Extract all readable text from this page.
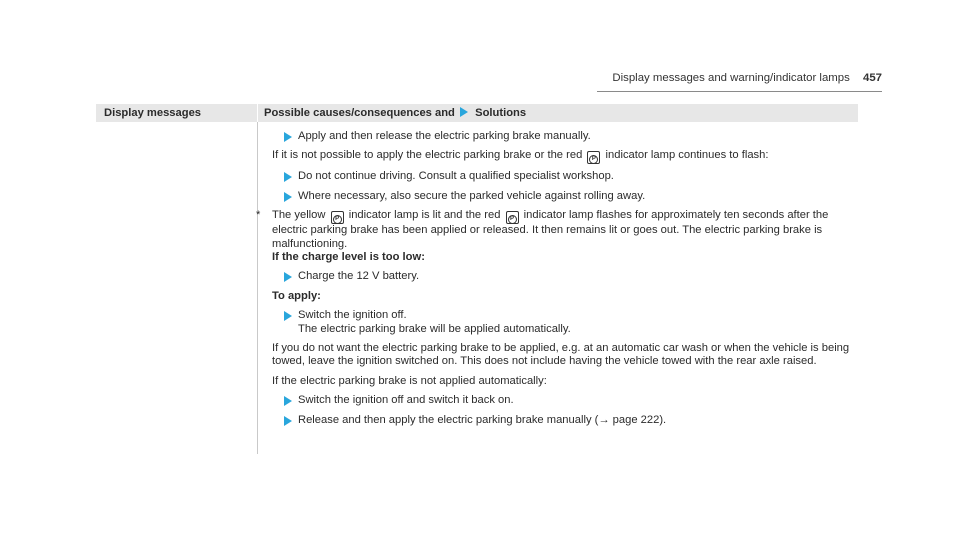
Display messages and warning/indicator lamps 457
Display messages	Possible causes/consequences and Solutions
Apply and then release the electric parking brake manually.

If it is not possible to apply the electric parking brake or the red P indicator lamp continues to flash:

Do not continue driving. Consult a qualified specialist workshop.
Where necessary, also secure the parked vehicle against rolling away.

* The yellow P indicator lamp is lit and the red P indicator lamp flashes for approximately ten seconds after the electric parking brake has been applied or released. It then remains lit or goes out. The electric parking brake is malfunctioning.

If the charge level is too low:

Charge the 12 V battery.

To apply:

Switch the ignition off.
The electric parking brake will be applied automatically.

If you do not want the electric parking brake to be applied, e.g. at an automatic car wash or when the vehicle is being towed, leave the ignition switched on. This does not include having the vehicle towed with the rear axle raised.

If the electric parking brake is not applied automatically:

Switch the ignition off and switch it back on.
Release and then apply the electric parking brake manually (→ page 222).
